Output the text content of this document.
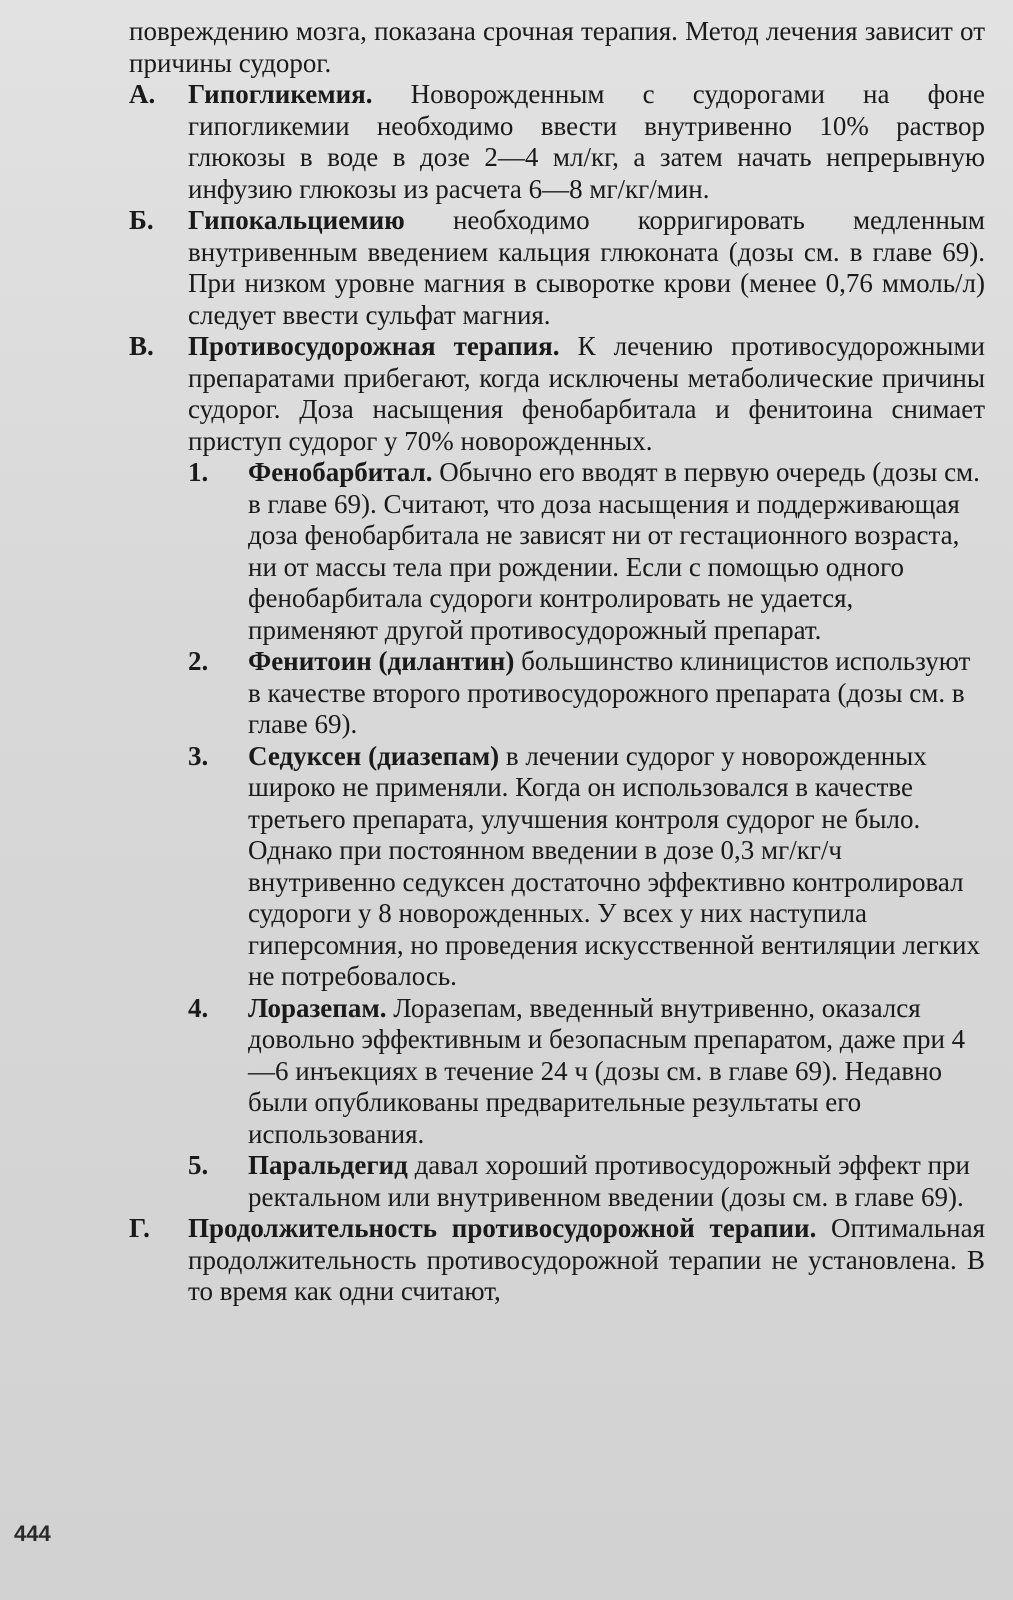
повреждению мозга, показана срочная терапия. Метод лечения зависит от причины судорог.

А. Гипогликемия. Новорожденным с судорогами на фоне гипогликемии необходимо ввести внутривенно 10% раствор глюкозы в воде в дозе 2—4 мл/кг, а затем начать непрерывную инфузию глюкозы из расчета 6—8 мг/кг/мин.
Б. Гипокальциемию необходимо корригировать медленным внутривенным введением кальция глюконата (дозы см. в главе 69). При низком уровне магния в сыворотке крови (менее 0,76 ммоль/л) следует ввести сульфат магния.
В. Противосудорожная терапия. К лечению противосудорожными препаратами прибегают, когда исключены метаболические причины судорог. Доза насыщения фенобарбитала и фенитоина снимает приступ судорог у 70% новорожденных.
1. Фенобарбитал. Обычно его вводят в первую очередь (дозы см. в главе 69). Считают, что доза насыщения и поддерживающая доза фенобарбитала не зависят ни от гестационного возраста, ни от массы тела при рождении. Если с помощью одного фенобарбитала судороги контролировать не удается, применяют другой противосудорожный препарат.
2. Фенитоин (дилантин) большинство клиницистов используют в качестве второго противосудорожного препарата (дозы см. в главе 69).
3. Седуксен (диазепам) в лечении судорог у новорожденных широко не применяли. Когда он использовался в качестве третьего препарата, улучшения контроля судорог не было. Однако при постоянном введении в дозе 0,3 мг/кг/ч внутривенно седуксен достаточно эффективно контролировал судороги у 8 новорожденных. У всех у них наступила гиперсомния, но проведения искусственной вентиляции легких не потребовалось.
4. Лоразепам. Лоразепам, введенный внутривенно, оказался довольно эффективным и безопасным препаратом, даже при 4—6 инъекциях в течение 24 ч (дозы см. в главе 69). Недавно были опубликованы предварительные результаты его использования.
5. Паральдегид давал хороший противосудорожный эффект при ректальном или внутривенном введении (дозы см. в главе 69).
Г. Продолжительность противосудорожной терапии. Оптимальная продолжительность противосудорожной терапии не установлена. В то время как одни считают,
444
